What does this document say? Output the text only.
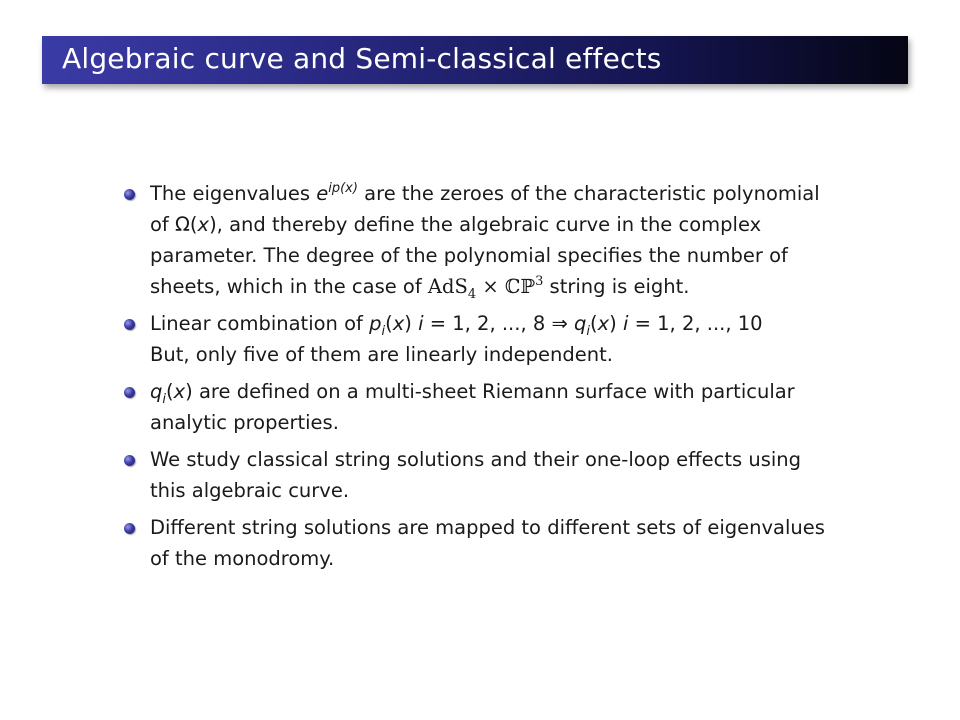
Algebraic curve and Semi-classical effects
The eigenvalues $e^{ip(x)}$ are the zeroes of the characteristic polynomial
of Ω(x), and thereby define the algebraic curve in the complex
parameter. The degree of the polynomial specifies the number of
sheets, which in the case of AdS$_4$ × ℂℙ$^3$ string is eight.
Linear combination of $p_i(x) i = 1$, 2, ..., 8 ⇒ $q_i(x) i = 1$, 2, ..., 10
But, only five of them are linearly independent.
$q_i(x)$ are defined on a multi-sheet Riemann surface with particular
analytic properties.
We study classical string solutions and their one-loop effects using
this algebraic curve.
Different string solutions are mapped to different sets of eigenvalues
of the monodromy.
